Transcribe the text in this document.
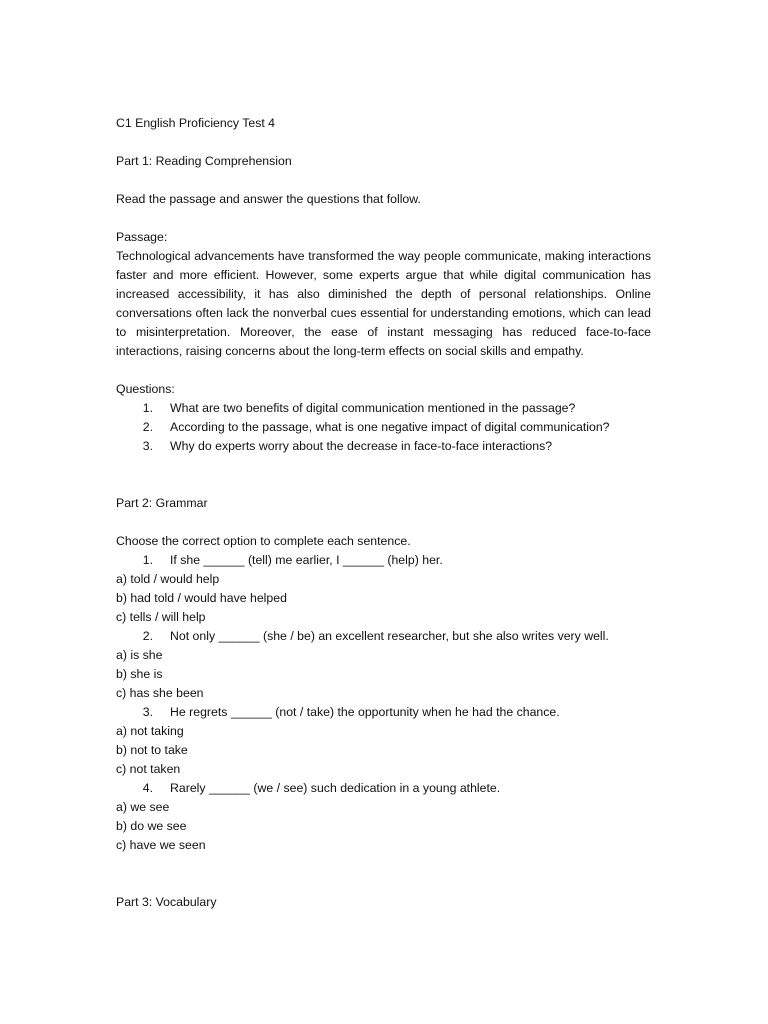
C1 English Proficiency Test 4
Part 1: Reading Comprehension
Read the passage and answer the questions that follow.
Passage:

Technological advancements have transformed the way people communicate, making interactions faster and more efficient. However, some experts argue that while digital communication has increased accessibility, it has also diminished the depth of personal relationships. Online conversations often lack the nonverbal cues essential for understanding emotions, which can lead to misinterpretation. Moreover, the ease of instant messaging has reduced face-to-face interactions, raising concerns about the long-term effects on social skills and empathy.

Questions:
1.	What are two benefits of digital communication mentioned in the passage?
2.	According to the passage, what is one negative impact of digital communication?
3.	Why do experts worry about the decrease in face-to-face interactions?
Part 2: Grammar
Choose the correct option to complete each sentence.
1.	If she ______ (tell) me earlier, I ______ (help) her.
a) told / would help
b) had told / would have helped
c) tells / will help
2.	Not only ______ (she / be) an excellent researcher, but she also writes very well.
a) is she
b) she is
c) has she been
3.	He regrets ______ (not / take) the opportunity when he had the chance.
a) not taking
b) not to take
c) not taken
4.	Rarely ______ (we / see) such dedication in a young athlete.
a) we see
b) do we see
c) have we seen
Part 3: Vocabulary
